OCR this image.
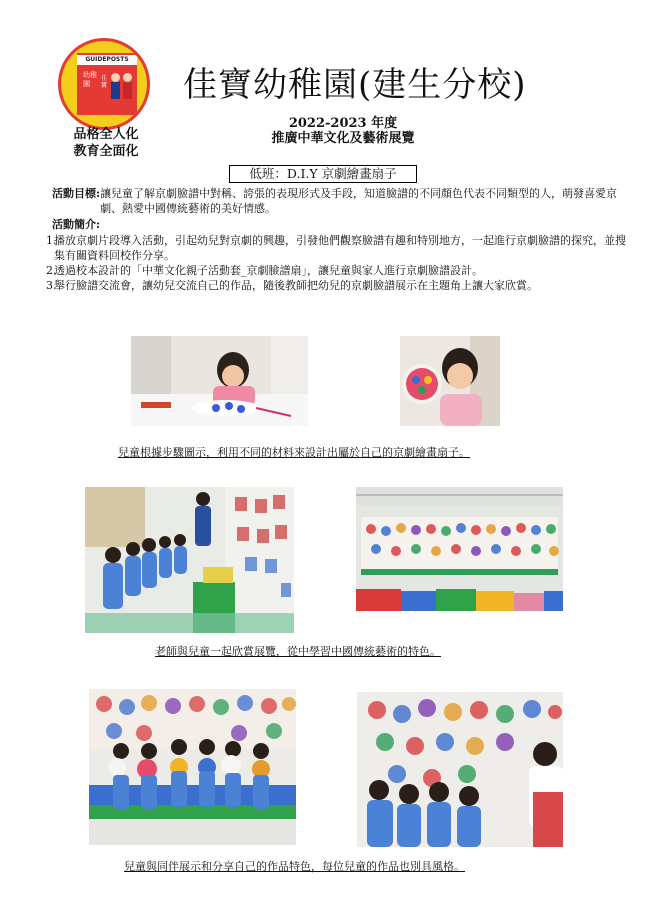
GUIDEPOSTS
幼稚園
佳寶
品格全人化
教育全面化
佳寶幼稚園(建生分校)
2022-2023 年度
推廣中華文化及藝術展覽
低班：D.I.Y 京劇繪畫扇子
活動目標: 讓兒童了解京劇臉譜中對稱、誇張的表現形式及手段，知道臉譜的不同顏色代表不同類型的人，萌發喜愛京劇、熱愛中國傳統藝術的美好情感。
活動簡介:
1.
播放京劇片段導入活動，引起幼兒對京劇的興趣，引發他們觀察臉譜有趣和特別地方，一起進行京劇臉譜的探究，並搜集有關資料回校作分享。
2.
透過校本設計的「中華文化親子活動套_京劇臉譜扇」，讓兒童與家人進行京劇臉譜設計。
3.
舉行臉譜交流會，讓幼兒交流自己的作品，隨後教師把幼兒的京劇臉譜展示在主題角上讓大家欣賞。
兒童根據步驟圖示，利用不同的材料來設計出屬於自己的京劇繪畫扇子。
老師與兒童一起欣賞展覽，從中學習中國傳統藝術的特色。
兒童與同伴展示和分享自己的作品特色，每位兒童的作品也別具風格。
